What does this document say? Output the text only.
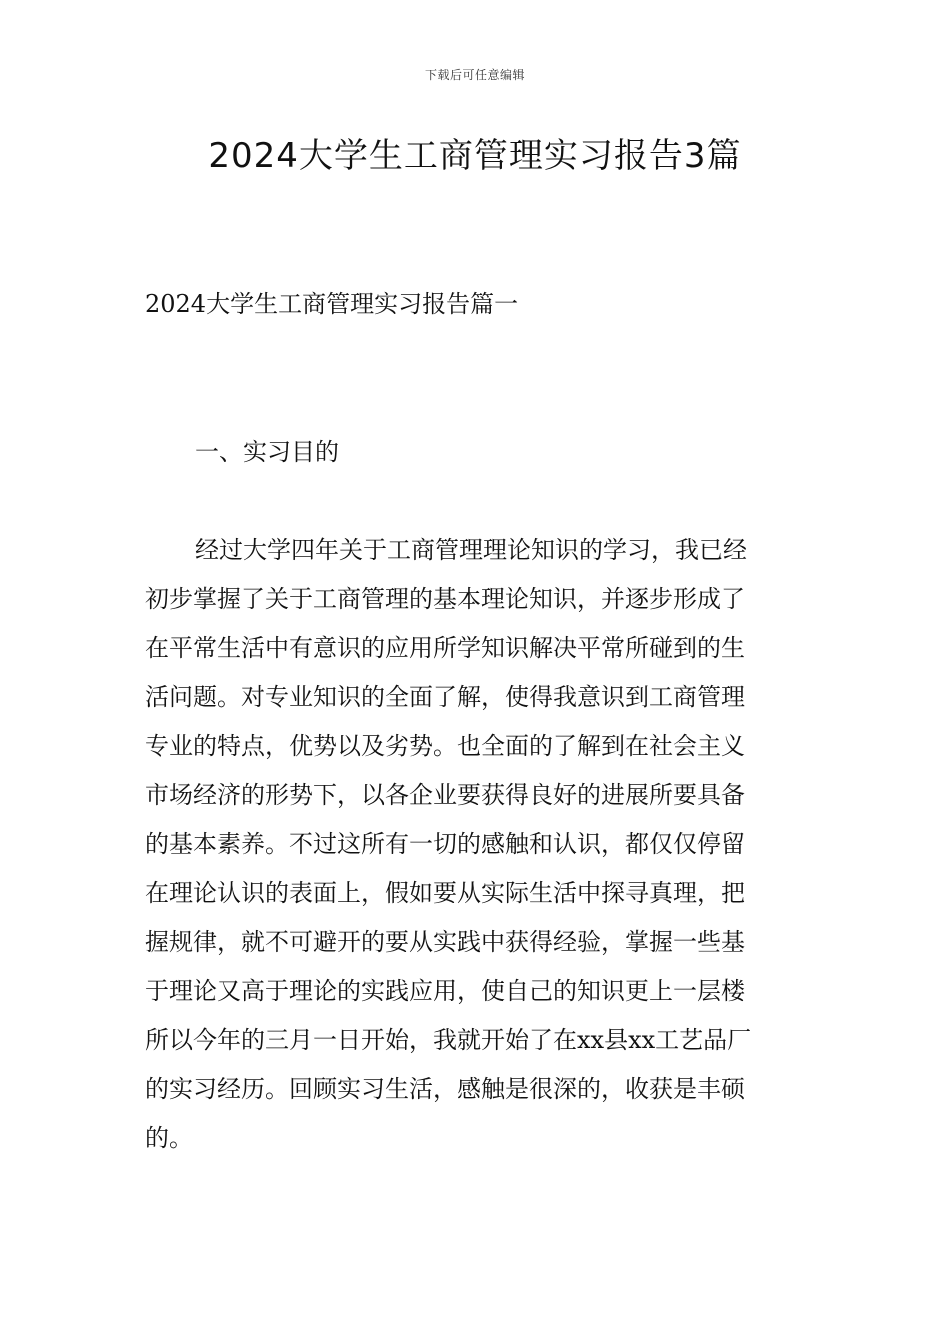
下载后可任意编辑
2024大学生工商管理实习报告3篇
2024大学生工商管理实习报告篇一
一、实习目的

经过大学四年关于工商管理理论知识的学习，我已经
初步掌握了关于工商管理的基本理论知识，并逐步形成了
在平常生活中有意识的应用所学知识解决平常所碰到的生
活问题。对专业知识的全面了解，使得我意识到工商管理
专业的特点，优势以及劣势。也全面的了解到在社会主义
市场经济的形势下，以各企业要获得良好的进展所要具备
的基本素养。不过这所有一切的感触和认识，都仅仅停留
在理论认识的表面上，假如要从实际生活中探寻真理，把
握规律，就不可避开的要从实践中获得经验，掌握一些基
于理论又高于理论的实践应用，使自己的知识更上一层楼
所以今年的三月一日开始，我就开始了在xx县xx工艺品厂
的实习经历。回顾实习生活，感触是很深的，收获是丰硕
的。
